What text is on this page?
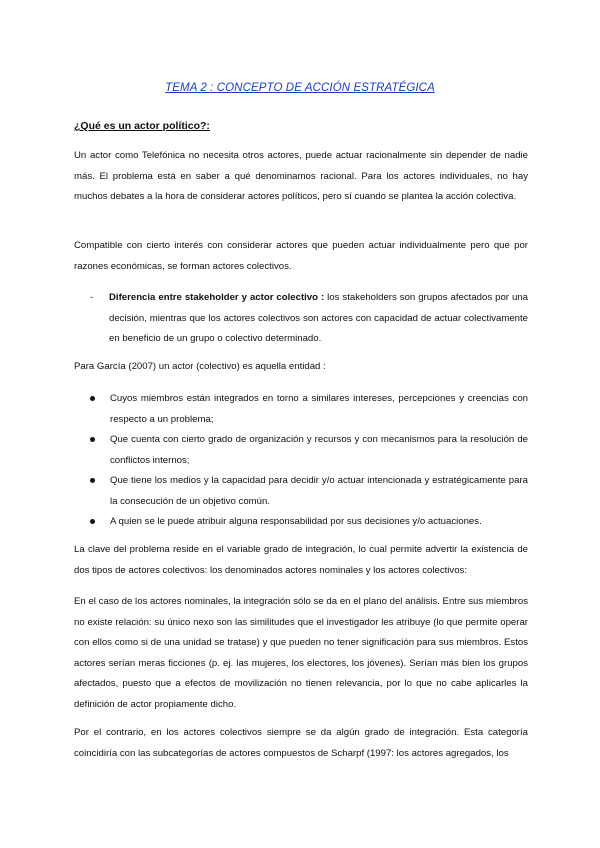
TEMA 2 : CONCEPTO DE ACCIÓN ESTRATÉGICA
¿Qué es un actor político?:

Un actor como Telefónica no necesita otros actores, puede actuar racionalmente sin depender de nadie más. El problema está en saber a qué denominamos racional. Para los actores individuales, no hay muchos debates a la hora de considerar actores políticos, pero sí cuando se plantea la acción colectiva.

Compatible con cierto interés con considerar actores que pueden actuar individualmente pero que por razones económicas, se forman actores colectivos.

- Diferencia entre stakeholder y actor colectivo : los stakeholders son grupos afectados por una decisión, mientras que los actores colectivos son actores con capacidad de actuar colectivamente en beneficio de un grupo o colectivo determinado.

Para García (2007) un actor (colectivo) es aquella entidad :

Cuyos miembros están integrados en torno a similares intereses, percepciones y creencias con respecto a un problema;
Que cuenta con cierto grado de organización y recursos y con mecanismos para la resolución de conflictos internos;
Que tiene los medios y la capacidad para decidir y/o actuar intencionada y estratégicamente para la consecución de un objetivo común.
A quien se le puede atribuir alguna responsabilidad por sus decisiones y/o actuaciones.

La clave del problema reside en el variable grado de integración, lo cual permite advertir la existencia de dos tipos de actores colectivos: los denominados actores nominales y los actores colectivos:

En el caso de los actores nominales, la integración sólo se da en el plano del análisis. Entre sus miembros no existe relación: su único nexo son las similitudes que el investigador les atribuye (lo que permite operar con ellos como si de una unidad se tratase) y que pueden no tener significación para sus miembros. Estos actores serían meras ficciones (p. ej. las mujeres, los electores, los jóvenes). Serían más bien los grupos afectados, puesto que a efectos de movilización no tienen relevancia, por lo que no cabe aplicarles la definición de actor propiamente dicho.

Por el contrario, en los actores colectivos siempre se da algún grado de integración. Esta categoría coincidiría con las subcategorías de actores compuestos de Scharpf (1997: los actores agregados, los
